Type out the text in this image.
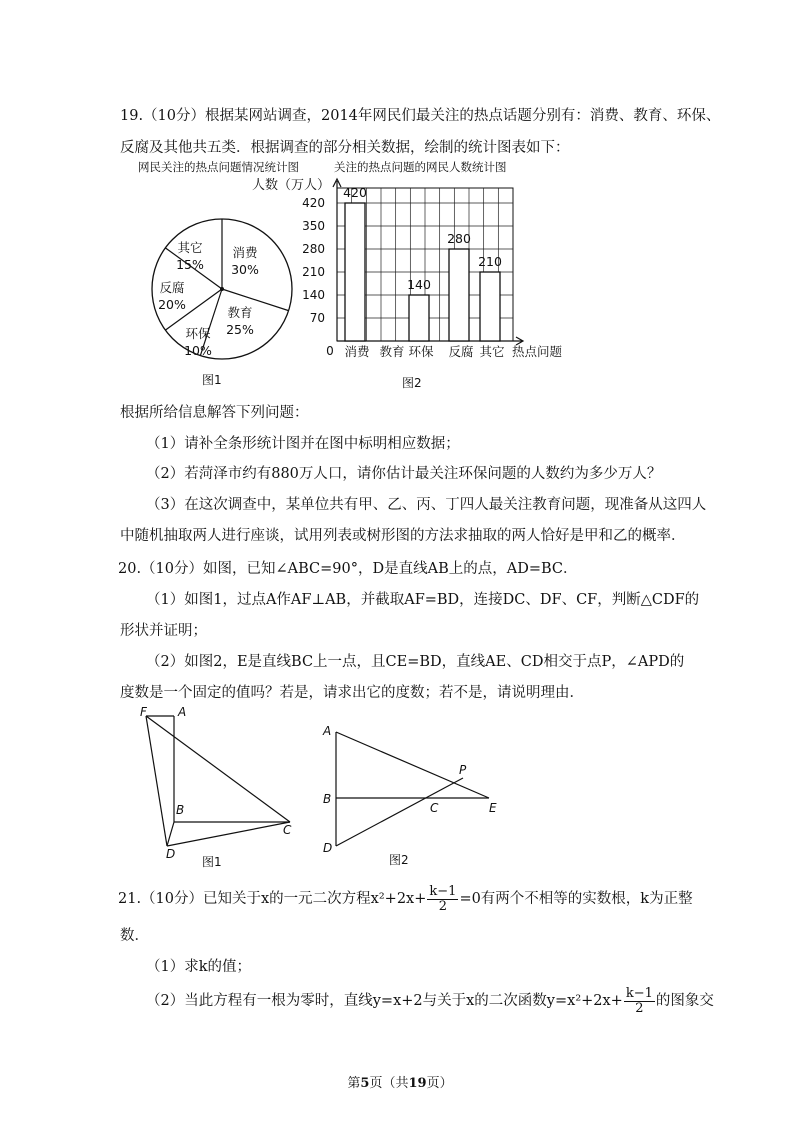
19.（10分）根据某网站调查，2014年网民们最关注的热点话题分别有：消费、教育、环保、
反腐及其他共五类．根据调查的部分相关数据，绘制的统计图表如下：
网民关注的热点问题情况统计图	关注的热点问题的网民人数统计图
消费
30%
教育
25%
环保
10%
反腐
20%
其它
15%
0
70
140
210
280
350
420
人数（万人） 420
消费 教育
140
环保
280
反腐
210
其它 热点问题
图1	图2
根据所给信息解答下列问题：
（1）请补全条形统计图并在图中标明相应数据；
（2）若菏泽市约有880万人口，请你估计最关注环保问题的人数约为多少万人？
（3）在这次调查中，某单位共有甲、乙、丙、丁四人最关注教育问题，现准备从这四人
中随机抽取两人进行座谈，试用列表或树形图的方法求抽取的两人恰好是甲和乙的概率．
20.（10分）如图，已知∠ABC=90°，D是直线AB上的点，AD=BC．
（1）如图1，过点A作AF⊥AB，并截取AF=BD，连接DC、DF、CF，判断△CDF的
形状并证明；
（2）如图2，E是直线BC上一点，且CE=BD，直线AE、CD相交于点P，∠APD的
度数是一个固定的值吗？若是，请求出它的度数；若不是，请说明理由．
F	A
B
C
D
图1
A
P
B
C	E
D
图2
21.（10分）已知关于x的一元二次方程$x^2+2x+ \frac{k-1}{2} =0$有两个不相等的实数根，k为正整
数．
（1）求k的值；
（2）当此方程有一根为零时，直线y=x+2与关于x的二次函数$y=x^2+2x+ \frac{k-1}{2}$ 的图象交
第5页（共19页）
